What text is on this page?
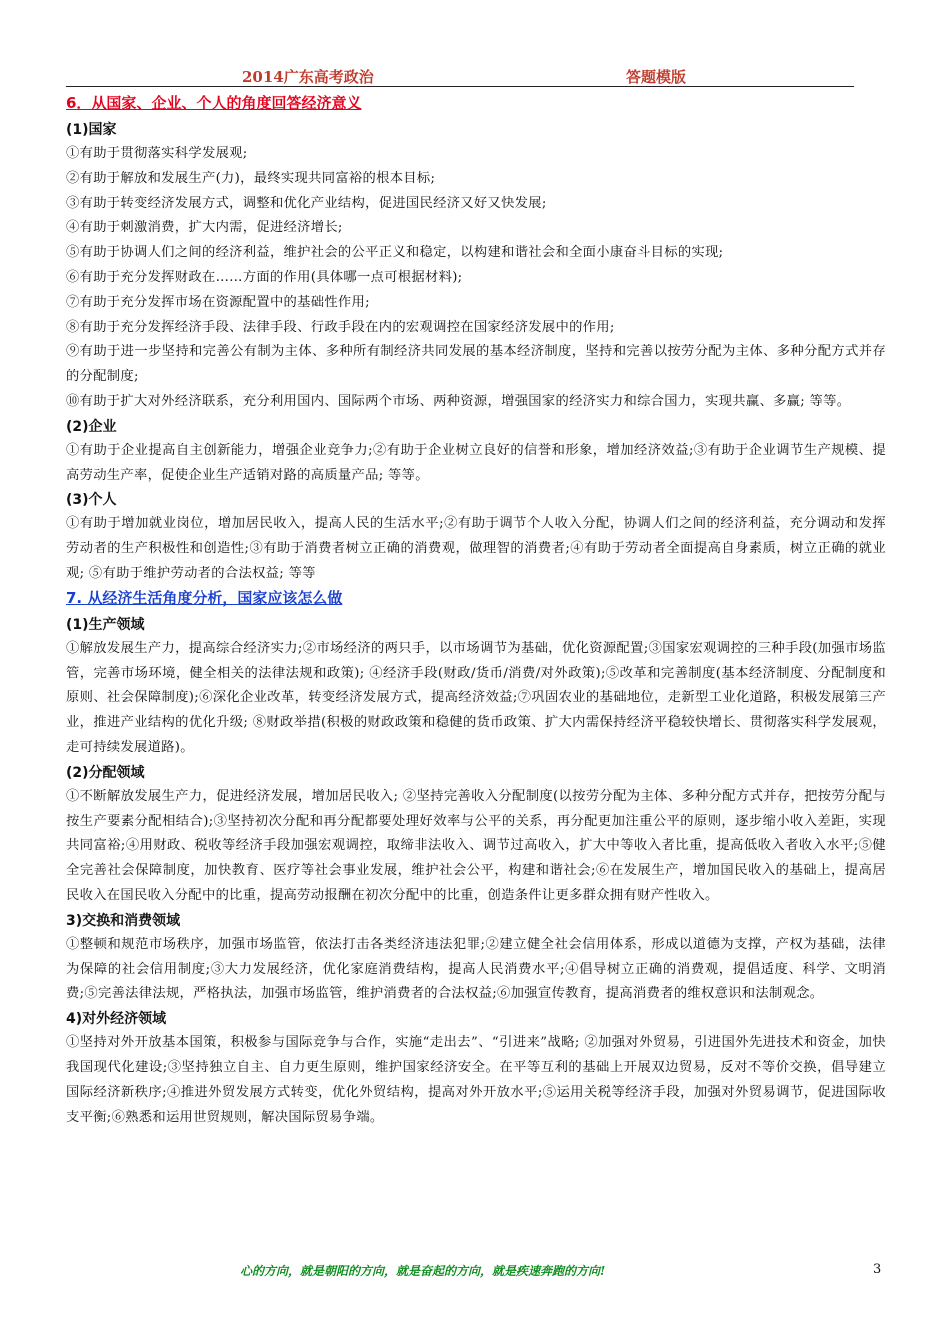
2014广东高考政治	答题模版
6．从国家、企业、个人的角度回答经济意义
(1)国家

①有助于贯彻落实科学发展观;

②有助于解放和发展生产(力)，最终实现共同富裕的根本目标;

③有助于转变经济发展方式，调整和优化产业结构，促进国民经济又好又快发展;

④有助于刺激消费，扩大内需，促进经济增长;

⑤有助于协调人们之间的经济利益，维护社会的公平正义和稳定，以构建和谐社会和全面小康奋斗目标的实现;

⑥有助于充分发挥财政在……方面的作用(具体哪一点可根据材料);

⑦有助于充分发挥市场在资源配置中的基础性作用;

⑧有助于充分发挥经济手段、法律手段、行政手段在内的宏观调控在国家经济发展中的作用;

⑨有助于进一步坚持和完善公有制为主体、多种所有制经济共同发展的基本经济制度，坚持和完善以按劳分配为主体、多种分配方式并存的分配制度;

⑩有助于扩大对外经济联系，充分利用国内、国际两个市场、两种资源，增强国家的经济实力和综合国力，实现共赢、多赢; 等等。

(2)企业

①有助于企业提高自主创新能力，增强企业竞争力;②有助于企业树立良好的信誉和形象，增加经济效益;③有助于企业调节生产规模、提高劳动生产率，促使企业生产适销对路的高质量产品; 等等。

(3)个人

①有助于增加就业岗位，增加居民收入，提高人民的生活水平;②有助于调节个人收入分配，协调人们之间的经济利益，充分调动和发挥劳动者的生产积极性和创造性;③有助于消费者树立正确的消费观，做理智的消费者;④有助于劳动者全面提高自身素质，树立正确的就业观; ⑤有助于维护劳动者的合法权益; 等等

7. 从经济生活角度分析，国家应该怎么做
(1)生产领域

①解放发展生产力，提高综合经济实力;②市场经济的两只手，以市场调节为基础，优化资源配置;③国家宏观调控的三种手段(加强市场监管，完善市场环境，健全相关的法律法规和政策); ④经济手段(财政/货币/消费/对外政策);⑤改革和完善制度(基本经济制度、分配制度和原则、社会保障制度);⑥深化企业改革，转变经济发展方式，提高经济效益;⑦巩固农业的基础地位，走新型工业化道路，积极发展第三产业，推进产业结构的优化升级; ⑧财政举措(积极的财政政策和稳健的货币政策、扩大内需保持经济平稳较快增长、贯彻落实科学发展观，走可持续发展道路)。

(2)分配领域

①不断解放发展生产力，促进经济发展，增加居民收入; ②坚持完善收入分配制度(以按劳分配为主体、多种分配方式并存，把按劳分配与按生产要素分配相结合);③坚持初次分配和再分配都要处理好效率与公平的关系，再分配更加注重公平的原则，逐步缩小收入差距，实现共同富裕;④用财政、税收等经济手段加强宏观调控，取缔非法收入、调节过高收入，扩大中等收入者比重，提高低收入者收入水平;⑤健全完善社会保障制度，加快教育、医疗等社会事业发展，维护社会公平，构建和谐社会;⑥在发展生产，增加国民收入的基础上，提高居民收入在国民收入分配中的比重，提高劳动报酬在初次分配中的比重，创造条件让更多群众拥有财产性收入。

3)交换和消费领域

①整顿和规范市场秩序，加强市场监管，依法打击各类经济违法犯罪;②建立健全社会信用体系，形成以道德为支撑，产权为基础，法律为保障的社会信用制度;③大力发展经济，优化家庭消费结构，提高人民消费水平;④倡导树立正确的消费观，提倡适度、科学、文明消费;⑤完善法律法规，严格执法，加强市场监管，维护消费者的合法权益;⑥加强宣传教育，提高消费者的维权意识和法制观念。

4)对外经济领域

①坚持对外开放基本国策，积极参与国际竞争与合作，实施“走出去”、“引进来”战略; ②加强对外贸易，引进国外先进技术和资金，加快我国现代化建设;③坚持独立自主、自力更生原则，维护国家经济安全。在平等互利的基础上开展双边贸易，反对不等价交换，倡导建立国际经济新秩序;④推进外贸发展方式转变，优化外贸结构，提高对外开放水平;⑤运用关税等经济手段，加强对外贸易调节，促进国际收支平衡;⑥熟悉和运用世贸规则，解决国际贸易争端。

心的方向，就是朝阳的方向，就是奋起的方向，就是疾速奔跑的方向!	3
